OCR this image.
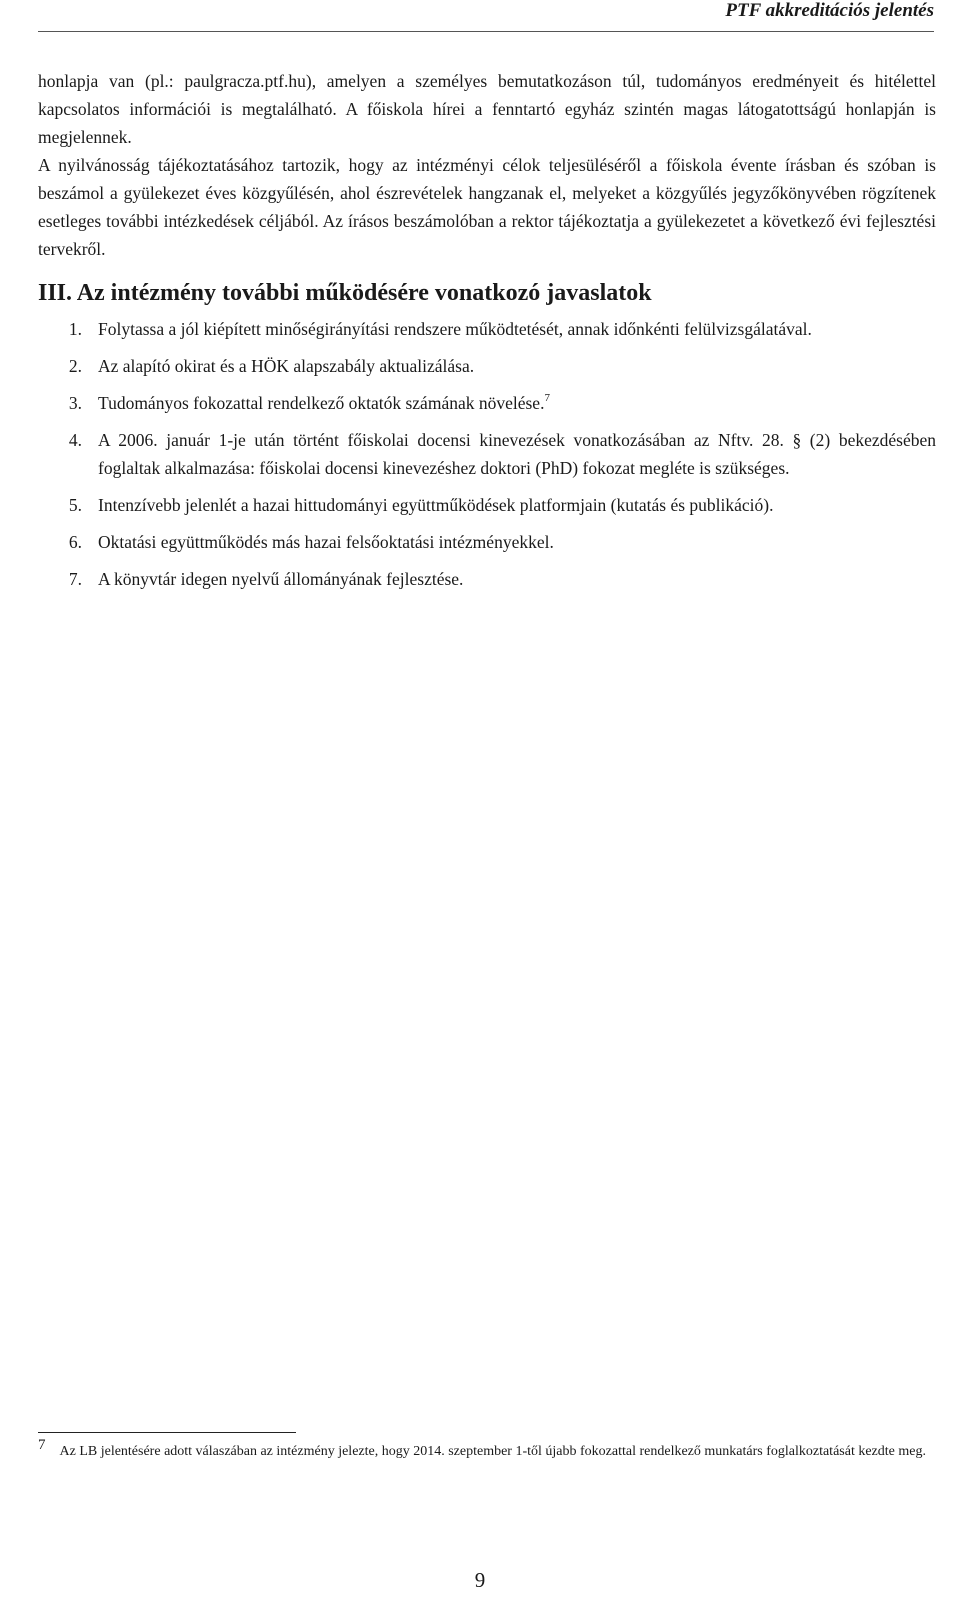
PTF akkreditációs jelentés

honlapja van (pl.: paulgracza.ptf.hu), amelyen a személyes bemutatkozáson túl, tudományos eredményeit és hitélettel kapcsolatos információi is megtalálható. A főiskola hírei a fenntartó egyház szintén magas látogatottságú honlapján is megjelennek.

A nyilvánosság tájékoztatásához tartozik, hogy az intézményi célok teljesüléséről a főiskola évente írásban és szóban is beszámol a gyülekezet éves közgyűlésén, ahol észrevételek hangzanak el, melyeket a közgyűlés jegyzőkönyvében rögzítenek esetleges további intézkedések céljából. Az írásos beszámolóban a rektor tájékoztatja a gyülekezetet a következő évi fejlesztési tervekről.

III. Az intézmény további működésére vonatkozó javaslatok
1. Folytassa a jól kiépített minőségirányítási rendszere működtetését, annak időnkénti felülvizsgálatával.
2. Az alapító okirat és a HÖK alapszabály aktualizálása.
3. Tudományos fokozattal rendelkező oktatók számának növelése.$^7$
4. A 2006. január 1-je után történt főiskolai docensi kinevezések vonatkozásában az Nftv. 28. § (2) bekezdésében foglaltak alkalmazása: főiskolai docensi kinevezéshez doktori (PhD) fokozat megléte is szükséges.
5. Intenzívebb jelenlét a hazai hittudományi együttműködések platformjain (kutatás és publikáció).
6. Oktatási együttműködés más hazai felsőoktatási intézményekkel.
7. A könyvtár idegen nyelvű állományának fejlesztése.
7 Az LB jelentésére adott válaszában az intézmény jelezte, hogy 2014. szeptember 1-től újabb fokozattal rendelkező munkatárs foglalkoztatását kezdte meg.
9
